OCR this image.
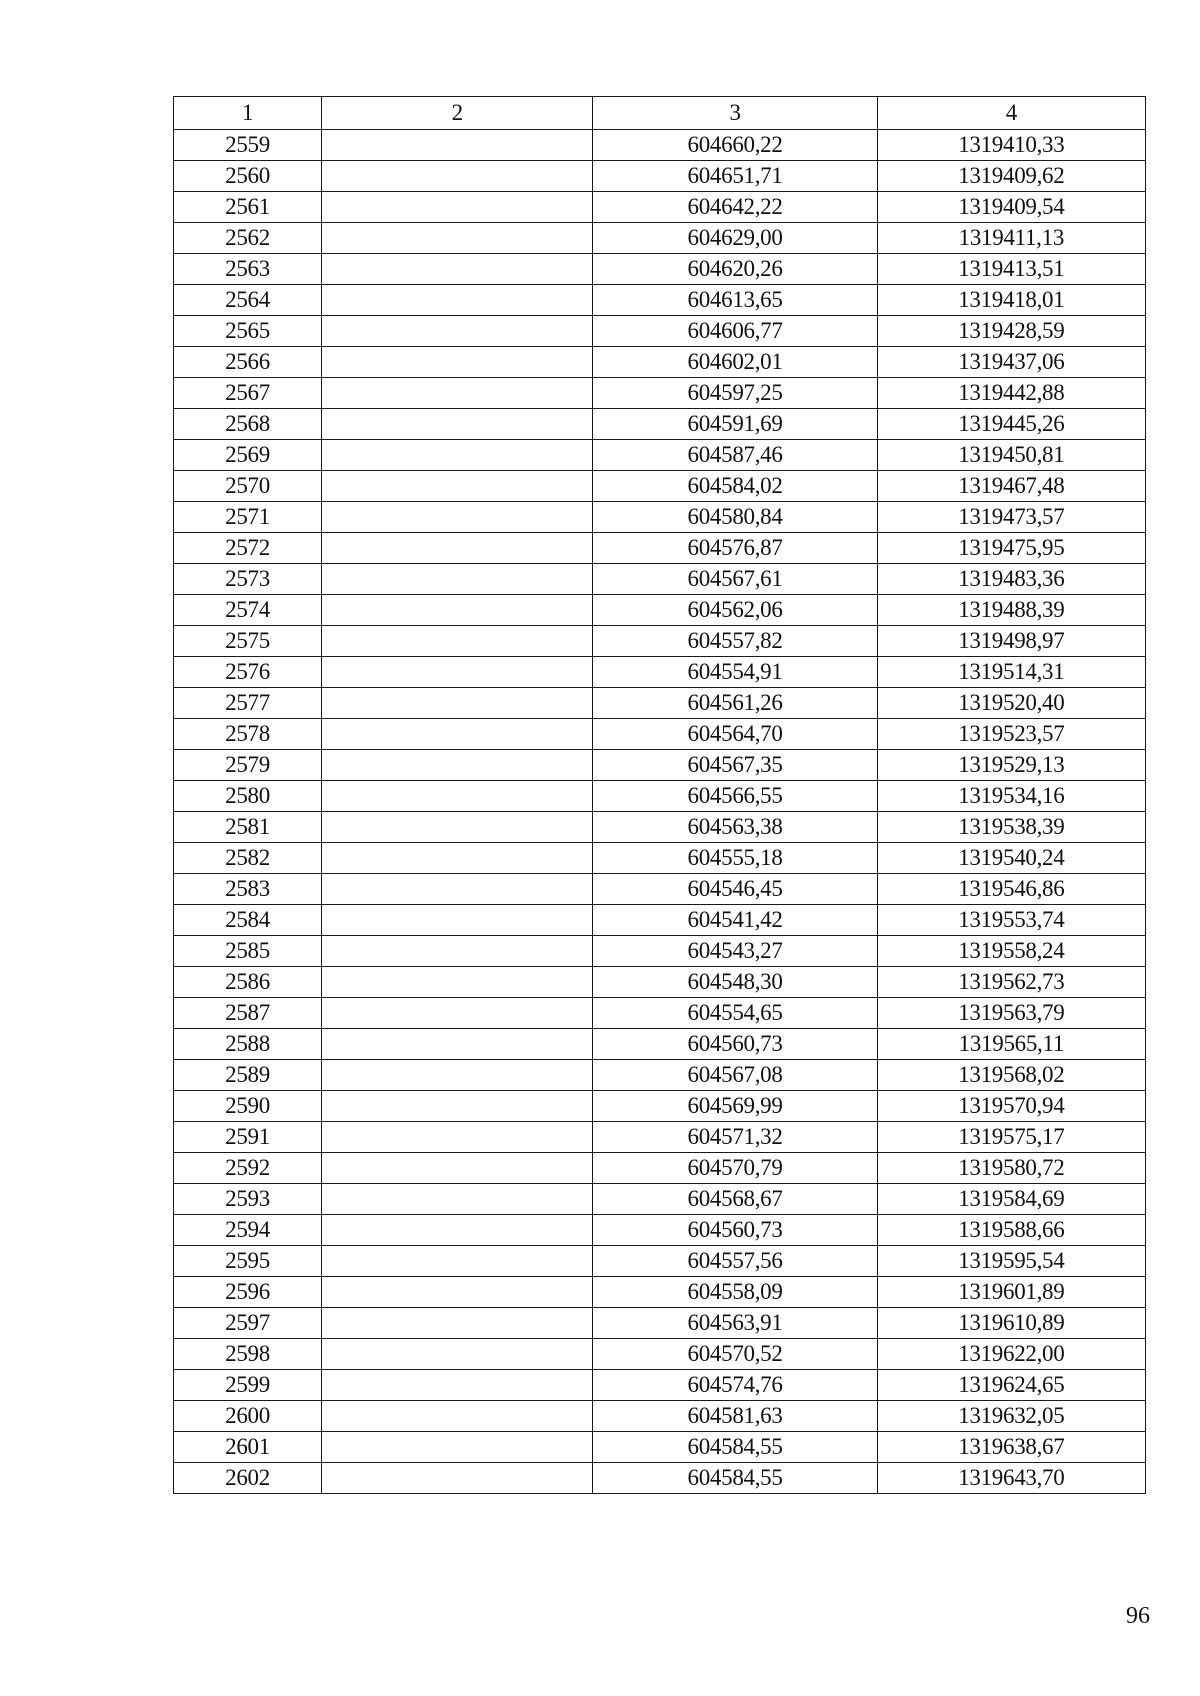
1	2	3	4
2559		604660,22	1319410,33
2560		604651,71	1319409,62
2561		604642,22	1319409,54
2562		604629,00	1319411,13
2563		604620,26	1319413,51
2564		604613,65	1319418,01
2565		604606,77	1319428,59
2566		604602,01	1319437,06
2567		604597,25	1319442,88
2568		604591,69	1319445,26
2569		604587,46	1319450,81
2570		604584,02	1319467,48
2571		604580,84	1319473,57
2572		604576,87	1319475,95
2573		604567,61	1319483,36
2574		604562,06	1319488,39
2575		604557,82	1319498,97
2576		604554,91	1319514,31
2577		604561,26	1319520,40
2578		604564,70	1319523,57
2579		604567,35	1319529,13
2580		604566,55	1319534,16
2581		604563,38	1319538,39
2582		604555,18	1319540,24
2583		604546,45	1319546,86
2584		604541,42	1319553,74
2585		604543,27	1319558,24
2586		604548,30	1319562,73
2587		604554,65	1319563,79
2588		604560,73	1319565,11
2589		604567,08	1319568,02
2590		604569,99	1319570,94
2591		604571,32	1319575,17
2592		604570,79	1319580,72
2593		604568,67	1319584,69
2594		604560,73	1319588,66
2595		604557,56	1319595,54
2596		604558,09	1319601,89
2597		604563,91	1319610,89
2598		604570,52	1319622,00
2599		604574,76	1319624,65
2600		604581,63	1319632,05
2601		604584,55	1319638,67
2602		604584,55	1319643,70
96
